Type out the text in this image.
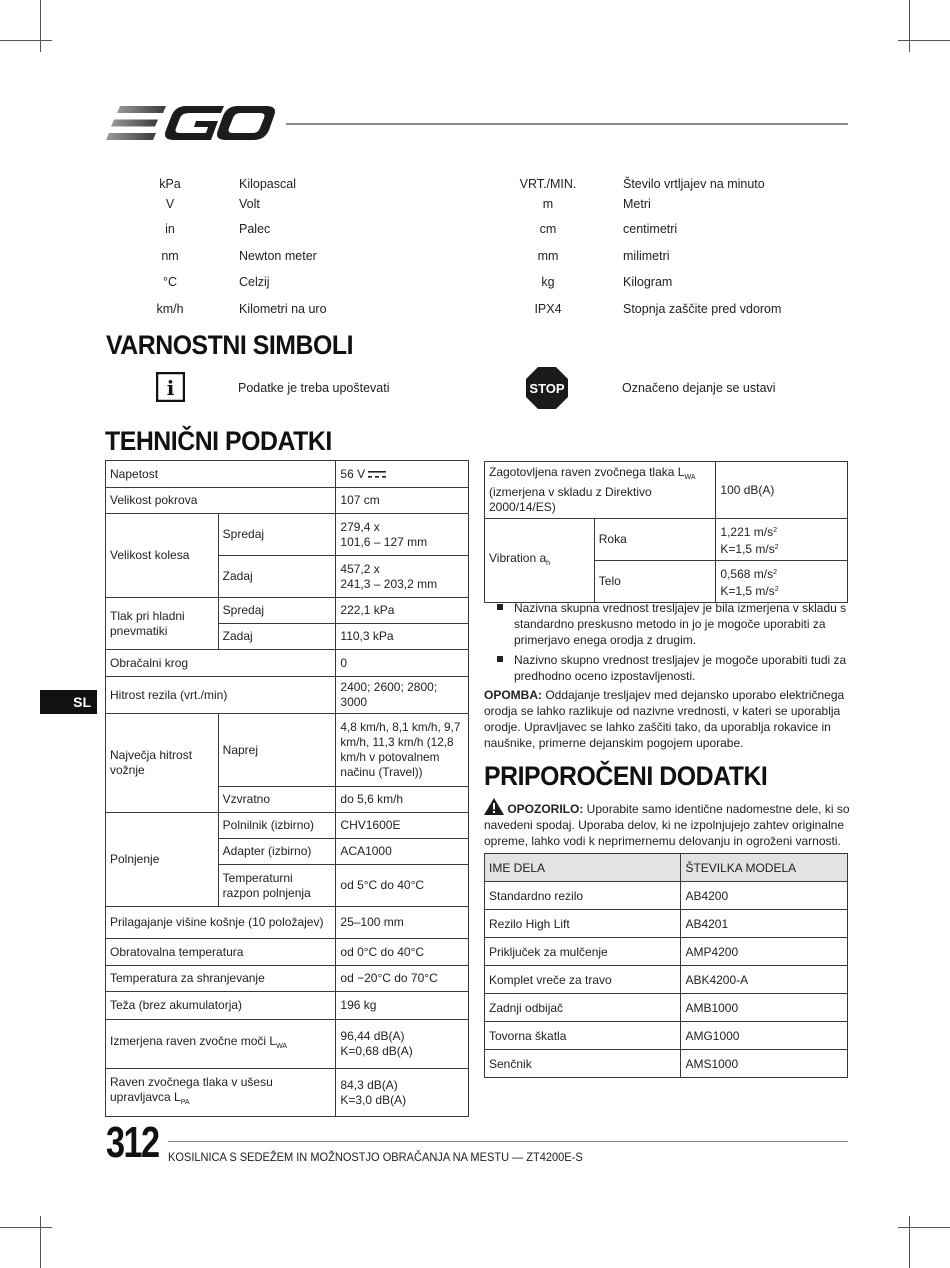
kPa	Kilopascal
V	Volt
in	Palec
nm	Newton meter
°C	Celzij
km/h	Kilometri na uro
VRT./MIN.	Število vrtljajev na minuto
m	Metri
cm	centimetri
mm	milimetri
kg	Kilogram
IPX4	Stopnja zaščite pred vdorom
VARNOSTNI SIMBOLI
i	Podatke je treba upoštevati	STOP	Označeno dejanje se ustavi
TEHNIČNI PODATKI
Napetost		56 V
Velikost pokrova		107 cm
Velikost kolesa	Spredaj	279,4 x
101,6 – 127 mm

	Zadaj	457,2 x
241,3 – 203,2 mm

Tlak pri hladni
pnevmatiki	Spredaj	222,1 kPa
	Zadaj	110,3 kPa
Obračalni krog		0
Hitrost rezila (vrt./min)		2400; 2600; 2800; 3000

Največja hitrost
vožnje	Naprej	4,8 km/h, 8,1 km/h, 9,7 km/h, 11,3 km/h (12,8 km/h v potovalnem načinu (Travel))
	Vzvratno	do 5,6 km/h
Polnjenje	Polnilnik (izbirno)	CHV1600E
	Adapter (izbirno)	ACA1000
	Temperaturni razpon polnjenja	od 5°C do 40°C
Prilagajanje višine košnje (10 položajev)		25–100 mm
Obratovalna temperatura		od 0°C do 40°C
Temperatura za shranjevanje		od −20°C do 70°C
Teža (brez akumulatorja)		196 kg
Izmerjena raven zvočne moči $L_{WA}$		96,44 dB(A)
K=0,68 dB(A)

Raven zvočnega tlaka v ušesu upravljavca $L_{PA}$		84,3 dB(A)
K=3,0 dB(A)
Zagotovljena raven zvočnega tlaka $L_{WA}$
(izmerjena v skladu z Direktivo 2000/14/ES)		100 dB(A)
Vibration $a_h$	Roka	1,221 $m/s^2$
K=1,5 $m/s^2$

	Telo	0,568 $m/s^2$
K=1,5 $m/s^2$
Nazivna skupna vrednost tresljajev je bila izmerjena v skladu s standardno preskusno metodo in jo je mogoče uporabiti za primerjavo enega orodja z drugim.
Nazivno skupno vrednost tresljajev je mogoče uporabiti tudi za predhodno oceno izpostavljenosti.
OPOMBA: Oddajanje tresljajev med dejansko uporabo električnega orodja se lahko razlikuje od nazivne vrednosti, v kateri se uporablja orodje. Upravljavec se lahko zaščiti tako, da uporablja rokavice in naušnike, primerne dejanskim pogojem uporabe.
PRIPOROČENI DODATKI
OPOZORILO: Uporabite samo identične nadomestne dele, ki so navedeni spodaj. Uporaba delov, ki ne izpolnjujejo zahtev originalne opreme, lahko vodi k neprimernemu delovanju in ogroženi varnosti.
IME DELA	ŠTEVILKA MODELA
Standardno rezilo	AB4200
Rezilo High Lift	AB4201
Priključek za mulčenje	AMP4200
Komplet vreče za travo	ABK4200-A
Zadnji odbijač	AMB1000
Tovorna škatla	AMG1000
Senčnik	AMS1000
SL
312 KOSILNICA S SEDEŽEM IN MOŽNOSTJO OBRAČANJA NA MESTU — ZT4200E-S
